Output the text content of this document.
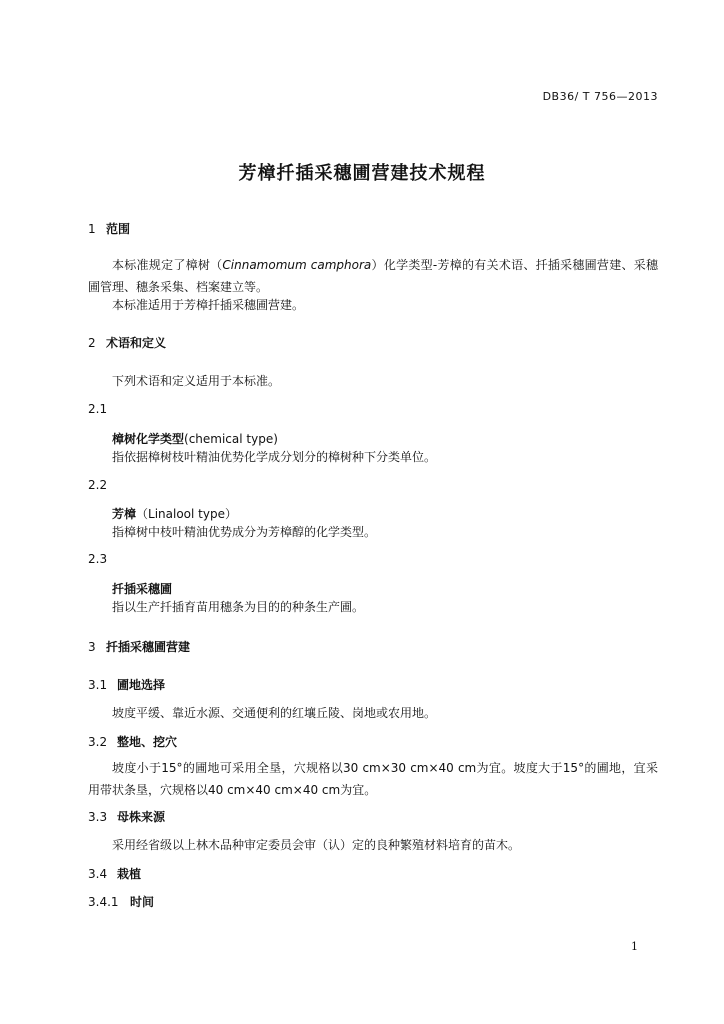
DB36/ T 756—2013
芳樟扦插采穗圃营建技术规程
1 范围
本标准规定了樟树（Cinnamomum camphora）化学类型-芳樟的有关术语、扦插采穗圃营建、采穗圃管理、穗条采集、档案建立等。
本标准适用于芳樟扦插采穗圃营建。
2 术语和定义
下列术语和定义适用于本标准。
2.1
樟树化学类型(chemical type)
指依据樟树枝叶精油优势化学成分划分的樟树种下分类单位。
2.2
芳樟（Linalool type）
指樟树中枝叶精油优势成分为芳樟醇的化学类型。
2.3
扦插采穗圃
指以生产扦插育苗用穗条为目的的种条生产圃。
3 扦插采穗圃营建
3.1 圃地选择
坡度平缓、靠近水源、交通便利的红壤丘陵、岗地或农用地。
3.2 整地、挖穴
坡度小于15°的圃地可采用全垦，穴规格以30 cm×30 cm×40 cm为宜。坡度大于15°的圃地，宜采用带状条垦，穴规格以40 cm×40 cm×40 cm为宜。
3.3 母株来源
采用经省级以上林木品种审定委员会审（认）定的良种繁殖材料培育的苗木。
3.4 栽植
3.4.1 时间
1
